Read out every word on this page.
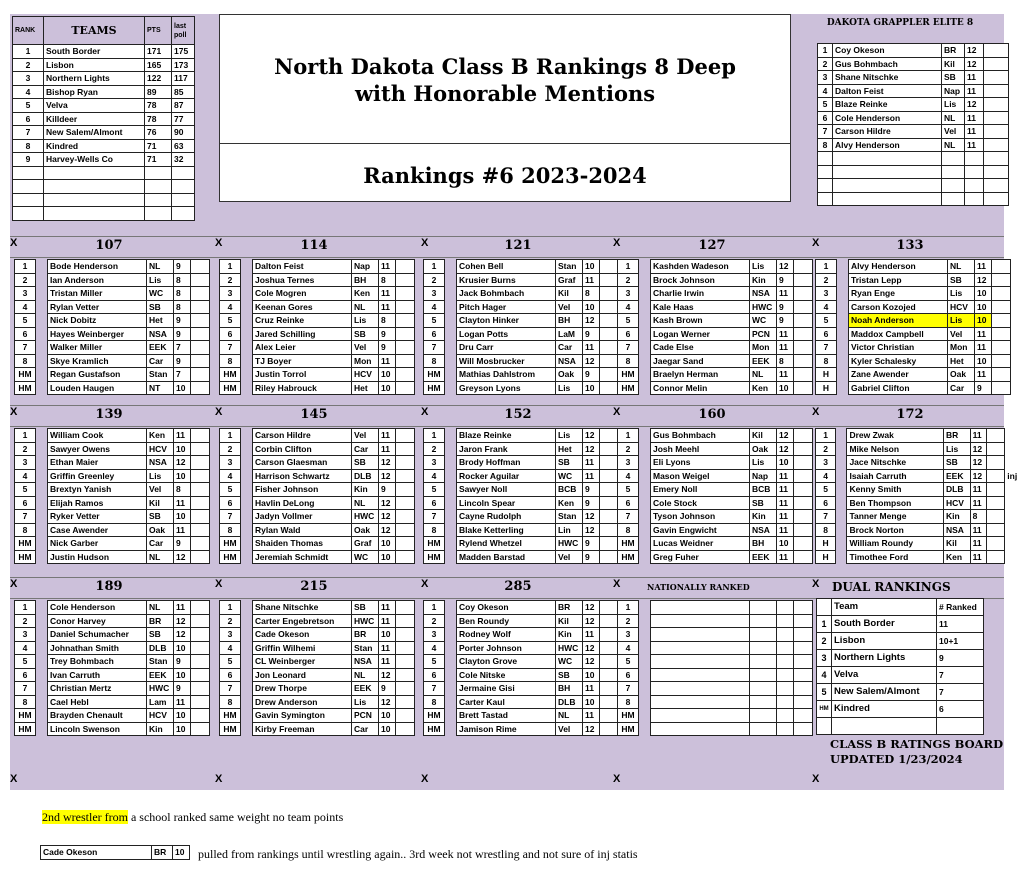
RANK	TEAMS	PTS	last poll
1	South Border	171	175
2	Lisbon	165	173
3	Northern Lights	122	117
4	Bishop Ryan	89	85
5	Velva	78	87
6	Killdeer	78	77
7	New Salem/Almont	76	90
8	Kindred	71	63
9	Harvey-Wells Co	71	32

North Dakota Class B Rankings 8 Deep
with Honorable Mentions
Rankings #6 2023-2024
DAKOTA GRAPPLER ELITE 8
1	Coy Okeson	BR	12	
2	Gus Bohmbach	Kil	12	
3	Shane Nitschke	SB	11	
4	Dalton Feist	Nap	11	
5	Blaze Reinke	Lis	12	
6	Cole Henderson	NL	11	
7	Carson Hildre	Vel	11	
8	Alvy Henderson	NL	11	

X	X	X	X	X
107
1		Bode Henderson	NL	9	
2		Ian Anderson	Lis	8	
3		Tristan Miller	WC	8	
4		Rylan Vetter	SB	8	
5		Nick Dobitz	Het	9	
6		Hayes Weinberger	NSA	9	
7		Walker Miller	EEK	7	
8		Skye Kramlich	Car	9	
HM		Regan Gustafson	Stan	7	
HM		Louden Haugen	NT	10	
114
1		Dalton Feist	Nap	11	
2		Joshua Ternes	BH	8	
3		Cole Mogren	Ken	11	
4		Keenan Gores	NL	11	
5		Cruz Reinke	Lis	8	
6		Jared Schilling	SB	9	
7		Alex Leier	Vel	9	
8		TJ Boyer	Mon	11	
HM		Justin Torrol	HCV	10	
HM		Riley Habrouck	Het	10	
121
1		Cohen Bell	Stan	10	
2		Krusier Burns	Graf	11	
3		Jack Bohmbach	Kil	8	
4		Pitch Hager	Vel	10	
5		Clayton Hinker	BH	12	
6		Logan Potts	LaM	9	
7		Dru Carr	Car	11	
8		Will Mosbrucker	NSA	12	
HM		Mathias Dahlstrom	Oak	9	
HM		Greyson Lyons	Lis	10	
127
1		Kashden Wadeson	Lis	12	
2		Brock Johnson	Kin	9	
3		Charlie Irwin	NSA	11	
4		Kale Haas	HWC	9	
5		Kash Brown	WC	9	
6		Logan Werner	PCN	11	
7		Cade Else	Mon	11	
8		Jaegar Sand	EEK	8	
HM		Braelyn Herman	NL	11	
HM		Connor Melin	Ken	10	
133
1		Alvy Henderson	NL	11	
2		Tristan Lepp	SB	12	
3		Ryan Enge	Lis	10	
4		Carson Kozojed	HCV	10	
5		Noah Anderson	Lis	10	
6		Maddox Campbell	Vel	11	
7		Victor Christian	Mon	11	
8		Kyler Schalesky	Het	10	
H		Zane Awender	Oak	11	
H		Gabriel Clifton	Car	9	
X	X	X	X	X
139
1		William Cook	Ken	11	
2		Sawyer Owens	HCV	10	
3		Ethan Maier	NSA	12	
4		Griffin Greenley	Lis	10	
5		Brextyn Yanish	Vel	8	
6		Elijah Ramos	Kil	11	
7		Ryker Vetter	SB	10	
8		Case Awender	Oak	11	
HM		Nick Garber	Car	9	
HM		Justin Hudson	NL	12	
145
1		Carson Hildre	Vel	11	
2		Corbin Clifton	Car	11	
3		Carson Glaesman	SB	12	
4		Harrison Schwartz	DLB	12	
5		Fisher Johnson	Kin	9	
6		Havlin DeLong	NL	12	
7		Jadyn Vollmer	HWC	12	
8		Rylan Wald	Oak	12	
HM		Shaiden Thomas	Graf	10	
HM		Jeremiah Schmidt	WC	10	
152
1		Blaze Reinke	Lis	12	
2		Jaron Frank	Het	12	
3		Brody Hoffman	SB	11	
4		Rocker Aguilar	WC	11	
5		Sawyer Noll	BCB	9	
6		Lincoln Spear	Ken	9	
7		Cayne Rudolph	Stan	12	
8		Blake Ketterling	Lin	12	
HM		Rylend Whetzel	HWC	9	
HM		Madden Barstad	Vel	9	
160
1		Gus Bohmbach	Kil	12	
2		Josh Meehl	Oak	12	
3		Eli Lyons	Lis	10	
4		Mason Weigel	Nap	11	
5		Emery Noll	BCB	11	
6		Cole Stock	SB	11	
7		Tyson Johnson	Kin	11	
8		Gavin Engwicht	NSA	11	
HM		Lucas Weidner	BH	10	
HM		Greg Fuher	EEK	11	
172
1		Drew Zwak	BR	11		
2		Mike Nelson	Lis	12		
3		Jace Nitschke	SB	12		
4		Isaiah Carruth	EEK	12		inj
5		Kenny Smith	DLB	11		
6		Ben Thompson	HCV	11		
7		Tanner Menge	Kin	8		
8		Brock Norton	NSA	11		
H		William Roundy	Kil	11		
H		Timothee Ford	Ken	11		
X	X	X	X	X
189
1		Cole Henderson	NL	11	
2		Conor Harvey	BR	12	
3		Daniel Schumacher	SB	12	
4		Johnathan Smith	DLB	10	
5		Trey Bohmbach	Stan	9	
6		Ivan Carruth	EEK	10	
7		Christian Mertz	HWC	9	
8		Cael Hebl	Lam	11	
HM		Brayden Chenault	HCV	10	
HM		Lincoln Swenson	Kin	10	
215
1		Shane Nitschke	SB	11	
2		Carter Engebretson	HWC	11	
3		Cade Okeson	BR	10	
4		Griffin Wilhemi	Stan	11	
5		CL Weinberger	NSA	11	
6		Jon Leonard	NL	12	
7		Drew Thorpe	EEK	9	
8		Drew Anderson	Lis	12	
HM		Gavin Symington	PCN	10	
HM		Kirby Freeman	Car	10	
285
1		Coy Okeson	BR	12	
2		Ben Roundy	Kil	12	
3		Rodney Wolf	Kin	11	
4		Porter Johnson	HWC	12	
5		Clayton Grove	WC	12	
6		Cole Nitske	SB	10	
7		Jermaine Gisi	BH	11	
8		Carter Kaul	DLB	10	
HM		Brett Tastad	NL	11	
HM		Jamison Rime	Vel	12	
NATIONALLY RANKED
1					
2					
3					
4					
5					
6					
7					
8					
HM					
HM					
X	X	X	X	X
DUAL RANKINGS
	Team	# Ranked
1	South Border	11
2	Lisbon	10+1
3	Northern Lights	9
4	Velva	7
5	New Salem/Almont	7
HM	Kindred	6

CLASS B RATINGS BOARD
UPDATED 1/23/2024
2nd wrestler from a school ranked same weight no team points
Cade Okeson	BR	10 pulled from rankings until wrestling again.. 3rd week not wrestling and not sure of inj statis
